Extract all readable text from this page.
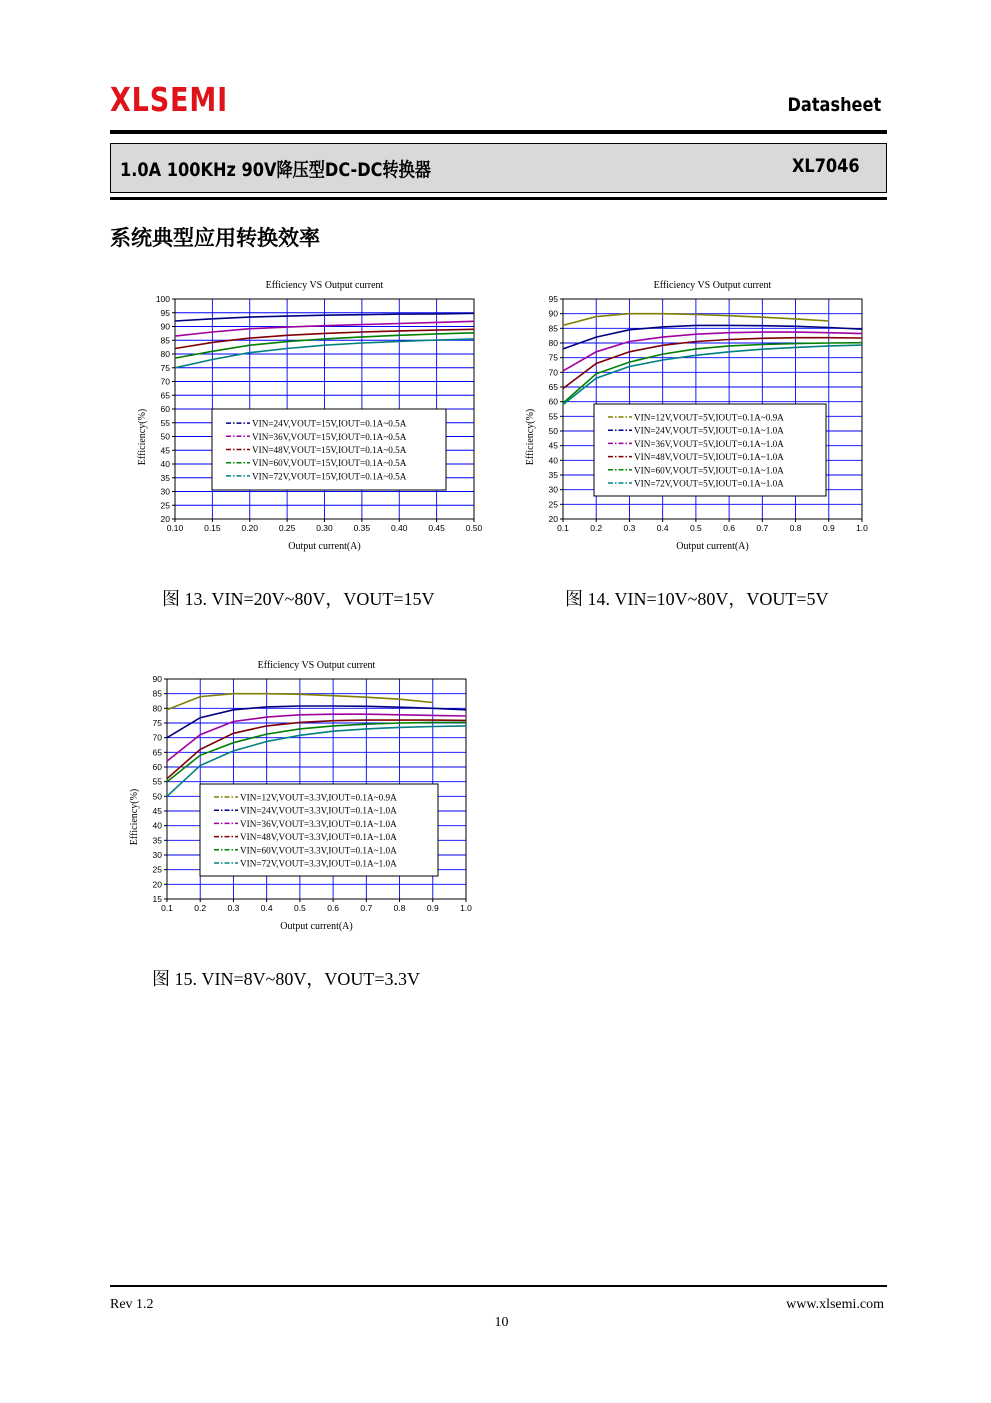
XLSEMI	Datasheet
1.0A 100KHz 90V降压型DC-DC转换器	XL7046
系统典型应用转换效率
Efficiency VS Output current
0.10 0.15 0.20 0.25 0.30 0.35 0.40 0.45 0.50
100
95
90
85
80
75
70
65
60
55
50
45
40
35
30
25
20
Output current(A)
Efficiency(%)	VIN=24V,VOUT=15V,IOUT=0.1A~0.5A
VIN=36V,VOUT=15V,IOUT=0.1A~0.5A
VIN=48V,VOUT=15V,IOUT=0.1A~0.5A
VIN=60V,VOUT=15V,IOUT=0.1A~0.5A
VIN=72V,VOUT=15V,IOUT=0.1A~0.5A
图 13. VIN=20V~80V，VOUT=15V
Efficiency VS Output current
0.1	0.2	0.3	0.4	0.5	0.6	0.7	0.8	0.9	1.0
95
90
85
80
75
70
65
60
55
50
45
40
35
30
25
20
Output current(A)
Efficiency(%)	VIN=12V,VOUT=5V,IOUT=0.1A~0.9A
VIN=24V,VOUT=5V,IOUT=0.1A~1.0A
VIN=36V,VOUT=5V,IOUT=0.1A~1.0A
VIN=48V,VOUT=5V,IOUT=0.1A~1.0A
VIN=60V,VOUT=5V,IOUT=0.1A~1.0A
VIN=72V,VOUT=5V,IOUT=0.1A~1.0A
图 14. VIN=10V~80V，VOUT=5V
Efficiency VS Output current
0.1	0.2	0.3	0.4	0.5	0.6	0.7	0.8	0.9	1.0
90
85
80
75
70
65
60
55
50
45
40
35
30
25
20
15
Output current(A)
Efficiency(%)	VIN=12V,VOUT=3.3V,IOUT=0.1A~0.9A
VIN=24V,VOUT=3.3V,IOUT=0.1A~1.0A
VIN=36V,VOUT=3.3V,IOUT=0.1A~1.0A
VIN=48V,VOUT=3.3V,IOUT=0.1A~1.0A
VIN=60V,VOUT=3.3V,IOUT=0.1A~1.0A
VIN=72V,VOUT=3.3V,IOUT=0.1A~1.0A
图 15. VIN=8V~80V，VOUT=3.3V
Rev 1.2	www.xlsemi.com
10
